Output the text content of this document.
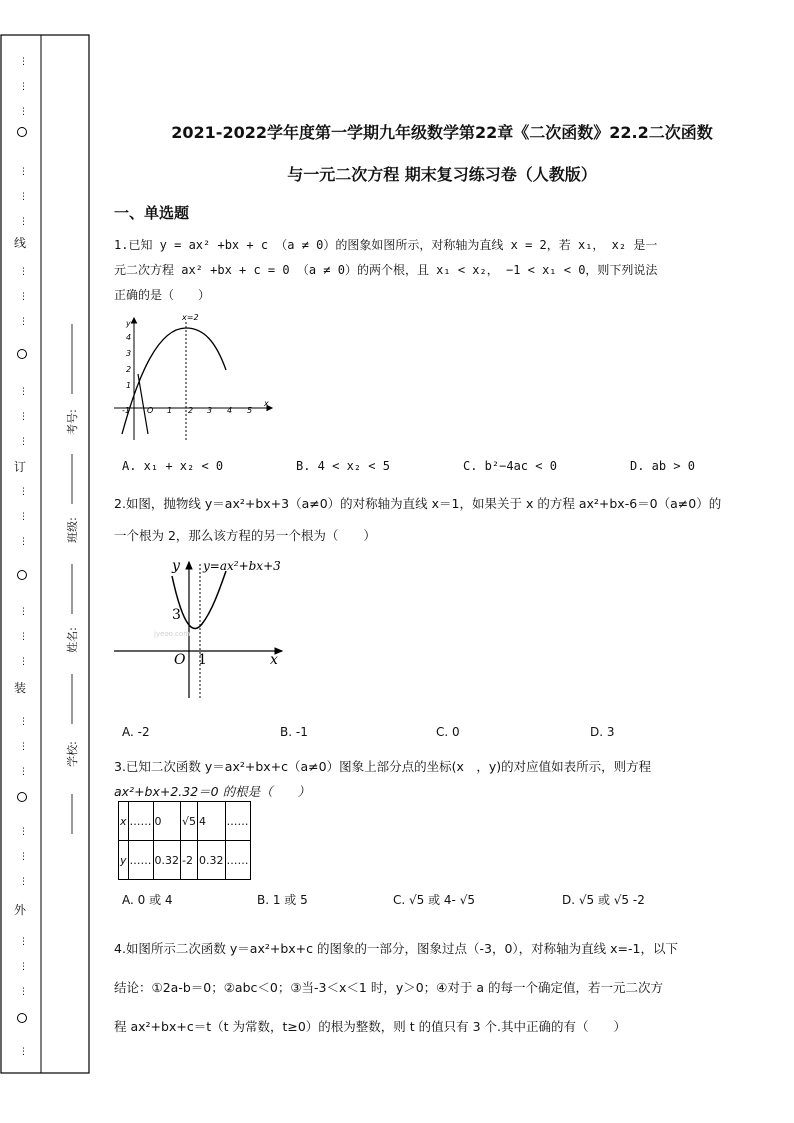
⋮
⋮
⋮
⋮
⋮
⋮
⋮
⋮
⋮
⋮
⋮
⋮
⋮
⋮
⋮
⋮
⋮
⋮
⋮
⋮
⋮
⋮
⋮
⋮
⋮
⋮
⋮
⋮
线
订
装
外
考号:
班级:
姓名:
学校:
2021-2022学年度第一学期九年级数学第22章《二次函数》22.2二次函数
与一元二次方程 期末复习练习卷（人教版）
一、单选题
1.已知 y = ax² +bx + c （a ≠ 0）的图象如图所示，对称轴为直线 x = 2，若 x₁， x₂ 是一
元二次方程 ax² +bx + c = 0 （a ≠ 0）的两个根，且 x₁ < x₂， −1 < x₁ < 0，则下列说法
正确的是（　　）
x=2
-1 O 1 2 3 4 5
x
y
4
3
2
1
A. x₁ + x₂ < 0	B. 4 < x₂ < 5	C. b²−4ac < 0	D. ab > 0
2.如图，抛物线 y＝ax²+bx+3（a≠0）的对称轴为直线 x＝1，如果关于 x 的方程 ax²+bx-6＝0（a≠0）的
一个根为 2，那么该方程的另一个根为（　　）
y y=ax²+bx+3
3
O 1	x
jyeoo.com
A. -2	B. -1	C. 0	D. 3
3.已知二次函数 y＝ax²+bx+c（a≠0）图象上部分点的坐标(x　，y)的对应值如表所示，则方程
ax²+bx+2.32＝0 的根是（　　）
x	……	0	√5	4	……
y	……	0.32	-2	0.32	……
A. 0 或 4	B. 1 或 5	C. √5 或 4- √5	D. √5 或 √5 -2
4.如图所示二次函数 y＝ax²+bx+c 的图象的一部分，图象过点（-3，0），对称轴为直线 x=-1，以下
结论：①2a-b＝0；②abc＜0；③当-3＜x＜1 时，y＞0；④对于 a 的每一个确定值，若一元二次方
程 ax²+bx+c＝t（t 为常数，t≥0）的根为整数，则 t 的值只有 3 个.其中正确的有（　　）
